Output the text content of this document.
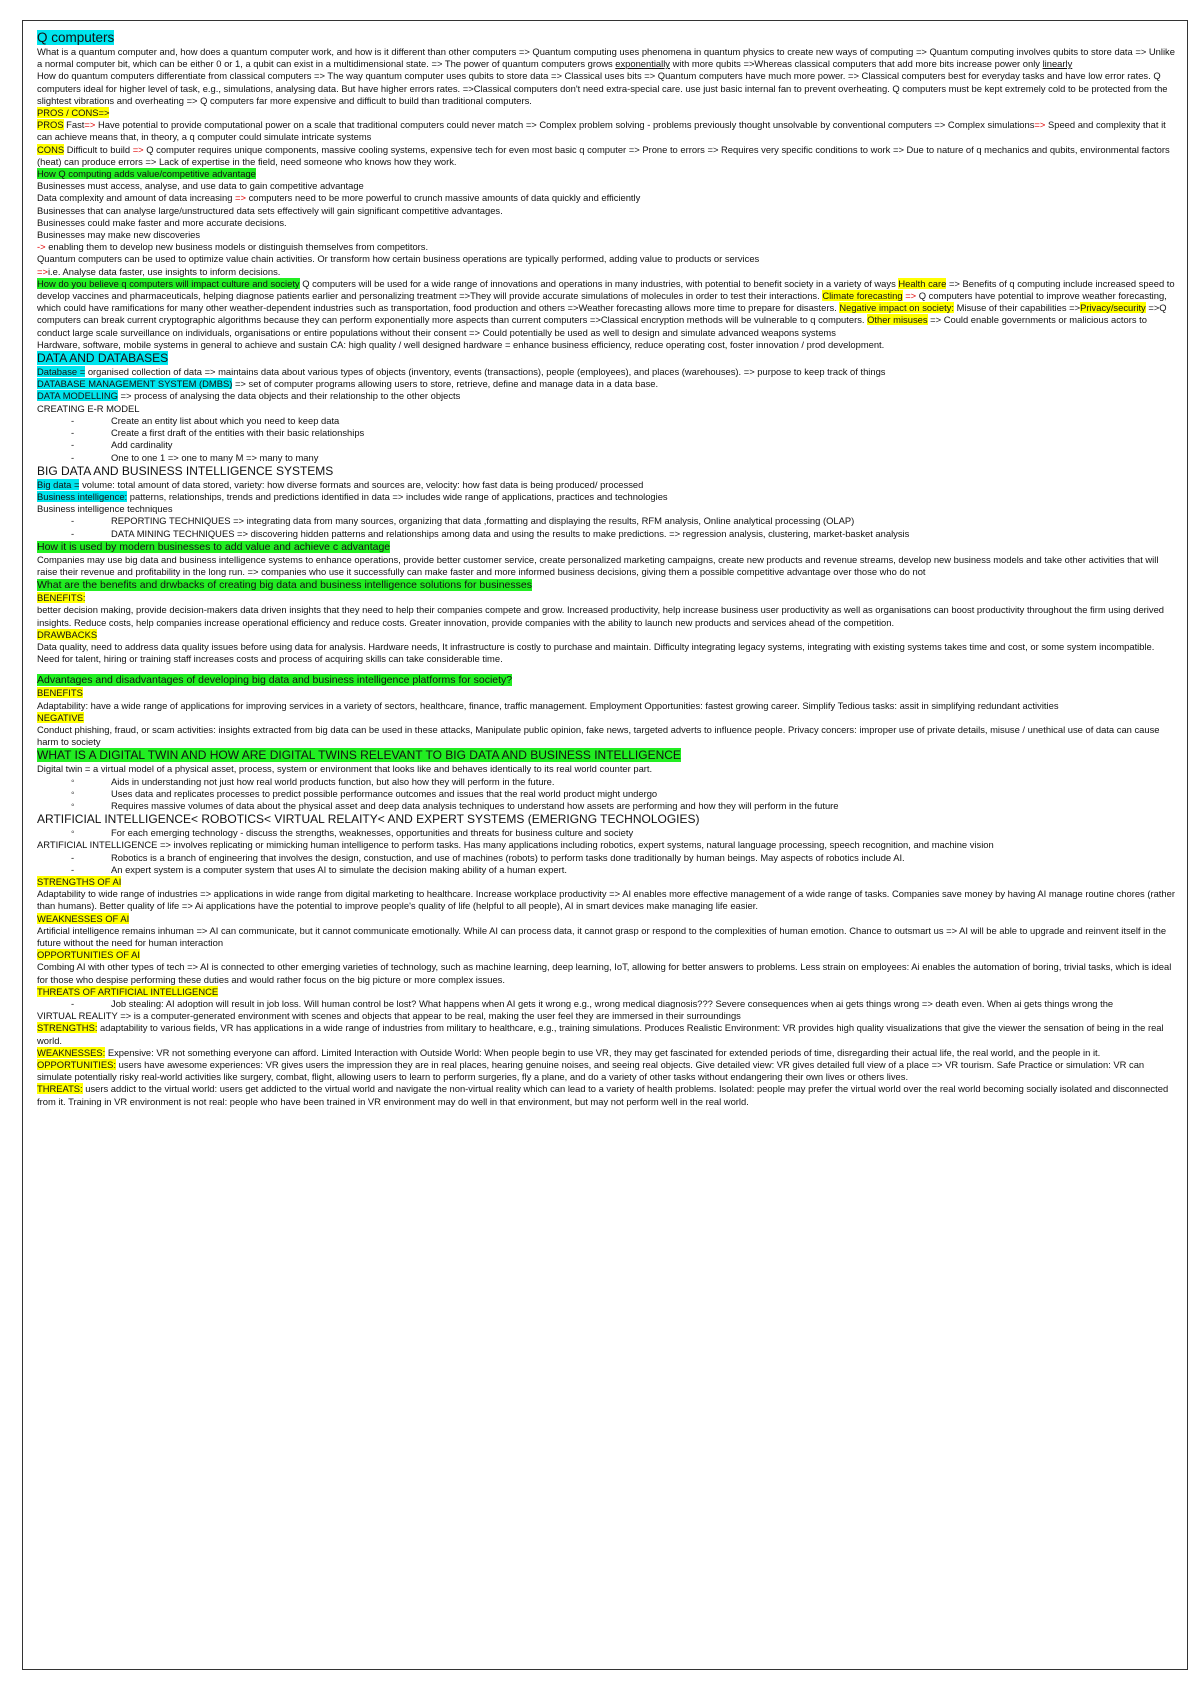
Q computers

What is a quantum computer and, how does a quantum computer work, and how is it different than other computers => Quantum computing uses phenomena in quantum physics to create new ways of computing => Quantum computing involves qubits to store data => Unlike a normal computer bit, which can be either 0 or 1, a qubit can exist in a multidimensional state. => The power of quantum computers grows exponentially with more qubits =>Whereas classical computers that add more bits increase power only linearly

How do quantum computers differentiate from classical computers => The way quantum computer uses qubits to store data => Classical uses bits => Quantum computers have much more power. => Classical computers best for everyday tasks and have low error rates. Q computers ideal for higher level of task, e.g., simulations, analysing data. But have higher errors rates. =>Classical computers don't need extra-special care. use just basic internal fan to prevent overheating. Q computers must be kept extremely cold to be protected from the slightest vibrations and overheating => Q computers far more expensive and difficult to build than traditional computers.

PROS / CONS=>

PROS Fast=> Have potential to provide computational power on a scale that traditional computers could never match => Complex problem solving - problems previously thought unsolvable by conventional computers => Complex simulations=> Speed and complexity that it can achieve means that, in theory, a q computer could simulate intricate systems

CONS Difficult to build => Q computer requires unique components, massive cooling systems, expensive tech for even most basic q computer => Prone to errors => Requires very specific conditions to work => Due to nature of q mechanics and qubits, environmental factors (heat) can produce errors => Lack of expertise in the field, need someone who knows how they work.

How Q computing adds value/competitive advantage

Businesses must access, analyse, and use data to gain competitive advantage

Data complexity and amount of data increasing => computers need to be more powerful to crunch massive amounts of data quickly and efficiently

Businesses that can analyse large/unstructured data sets effectively will gain significant competitive advantages.

Businesses could make faster and more accurate decisions.

Businesses may make new discoveries

-> enabling them to develop new business models or distinguish themselves from competitors.

Quantum computers can be used to optimize value chain activities. Or transform how certain business operations are typically performed, adding value to products or services

=>i.e. Analyse data faster, use insights to inform decisions.

How do you believe q computers will impact culture and society Q computers will be used for a wide range of innovations and operations in many industries, with potential to benefit society in a variety of ways Health care => Benefits of q computing include increased speed to develop vaccines and pharmaceuticals, helping diagnose patients earlier and personalizing treatment =>They will provide accurate simulations of molecules in order to test their interactions. Climate forecasting => Q computers have potential to improve weather forecasting, which could have ramifications for many other weather-dependent industries such as transportation, food production and others =>Weather forecasting allows more time to prepare for disasters. Negative impact on society: Misuse of their capabilities =>Privacy/security =>Q computers can break current cryptographic algorithms because they can perform exponentially more aspects than current computers =>Classical encryption methods will be vulnerable to q computers. Other misuses => Could enable governments or malicious actors to conduct large scale surveillance on individuals, organisations or entire populations without their consent => Could potentially be used as well to design and simulate advanced weapons systems

Hardware, software, mobile systems in general to achieve and sustain CA: high quality / well designed hardware = enhance business efficiency, reduce operating cost, foster innovation / prod development.

DATA AND DATABASES

Database = organised collection of data => maintains data about various types of objects (inventory, events (transactions), people (employees), and places (warehouses). => purpose to keep track of things

DATABASE MANAGEMENT SYSTEM (DMBS) => set of computer programs allowing users to store, retrieve, define and manage data in a data base.

DATA MODELLING => process of analysing the data objects and their relationship to the other objects

CREATING E-R MODEL

- Create an entity list about which you need to keep data
- Create a first draft of the entities with their basic relationships
- Add cardinality
- One to one 1 => one to many M => many to many

BIG DATA AND BUSINESS INTELLIGENCE SYSTEMS

Big data = volume: total amount of data stored, variety: how diverse formats and sources are, velocity: how fast data is being produced/ processed

Business intelligence: patterns, relationships, trends and predictions identified in data => includes wide range of applications, practices and technologies

Business intelligence techniques

- REPORTING TECHNIQUES => integrating data from many sources, organizing that data ,formatting and displaying the results, RFM analysis, Online analytical processing (OLAP)
- DATA MINING TECHNIQUES => discovering hidden patterns and relationships among data and using the results to make predictions. => regression analysis, clustering, market-basket analysis

How it is used by modern businesses to add value and achieve c advantage

Companies may use big data and business intelligence systems to enhance operations, provide better customer service, create personalized marketing campaigns, create new products and revenue streams, develop new business models and take other activities that will raise their revenue and profitability in the long run. => companies who use it successfully can make faster and more informed business decisions, giving them a possible competitive advantage over those who do not

What are the benefits and drwbacks of creating big data and business intelligence solutions for businesses

BENEFITS:

better decision making, provide decision-makers data driven insights that they need to help their companies compete and grow. Increased productivity, help increase business user productivity as well as organisations can boost productivity throughout the firm using derived insights. Reduce costs, help companies increase operational efficiency and reduce costs. Greater innovation, provide companies with the ability to launch new products and services ahead of the competition.

DRAWBACKS

Data quality, need to address data quality issues before using data for analysis. Hardware needs, It infrastructure is costly to purchase and maintain. Difficulty integrating legacy systems, integrating with existing systems takes time and cost, or some system incompatible. Need for talent, hiring or training staff increases costs and process of acquiring skills can take considerable time.

Advantages and disadvantages of developing big data and business intelligence platforms for society?

BENEFITS

Adaptability: have a wide range of applications for improving services in a variety of sectors, healthcare, finance, traffic management. Employment Opportunities: fastest growing career. Simplify Tedious tasks: assit in simplifying redundant activities

NEGATIVE

Conduct phishing, fraud, or scam activities: insights extracted from big data can be used in these attacks, Manipulate public opinion, fake news, targeted adverts to influence people. Privacy concers: improper use of private details, misuse / unethical use of data can cause harm to society

WHAT IS A DIGITAL TWIN AND HOW ARE DIGITAL TWINS RELEVANT TO BIG DATA AND BUSINESS INTELLIGENCE

Digital twin = a virtual model of a physical asset, process, system or environment that looks like and behaves identically to its real world counter part.

◦ Aids in understanding not just how real world products function, but also how they will perform in the future.
◦ Uses data and replicates processes to predict possible performance outcomes and issues that the real world product might undergo
◦ Requires massive volumes of data about the physical asset and deep data analysis techniques to understand how assets are performing and how they will perform in the future

ARTIFICIAL INTELLIGENCE< ROBOTICS< VIRTUAL RELAITY< AND EXPERT SYSTEMS (EMERIGNG TECHNOLOGIES)

◦ For each emerging technology - discuss the strengths, weaknesses, opportunities and threats for business culture and society

ARTIFICIAL INTELLIGENCE => involves replicating or mimicking human intelligence to perform tasks. Has many applications including robotics, expert systems, natural language processing, speech recognition, and machine vision

- Robotics is a branch of engineering that involves the design, constuction, and use of machines (robots) to perform tasks done traditionally by human beings. May aspects of robotics include AI.
- An expert system is a computer system that uses AI to simulate the decision making ability of a human expert.

STRENGTHS OF AI

Adaptability to wide range of industries => applications in wide range from digital marketing to healthcare. Increase workplace productivity => AI enables more effective management of a wide range of tasks. Companies save money by having AI manage routine chores (rather than humans). Better quality of life => Ai applications have the potential to improve people's quality of life (helpful to all people), AI in smart devices make managing life easier.

WEAKNESSES OF AI

Artificial intelligence remains inhuman => AI can communicate, but it cannot communicate emotionally. While AI can process data, it cannot grasp or respond to the complexities of human emotion. Chance to outsmart us => AI will be able to upgrade and reinvent itself in the future without the need for human interaction

OPPORTUNITIES OF AI

Combing AI with other types of tech => AI is connected to other emerging varieties of technology, such as machine learning, deep learning, IoT, allowing for better answers to problems. Less strain on employees: Ai enables the automation of boring, trivial tasks, which is ideal for those who despise performing these duties and would rather focus on the big picture or more complex issues.

THREATS OF ARTIFICIAL INTELLIGENCE

- Job stealing: AI adoption will result in job loss. Will human control be lost? What happens when AI gets it wrong e.g., wrong medical diagnosis??? Severe consequences when ai gets things wrong => death even. When ai gets things wrong the

VIRTUAL REALITY => is a computer-generated environment with scenes and objects that appear to be real, making the user feel they are immersed in their surroundings

STRENGTHS: adaptability to various fields, VR has applications in a wide range of industries from military to healthcare, e.g., training simulations. Produces Realistic Environment: VR provides high quality visualizations that give the viewer the sensation of being in the real world.

WEAKNESSES: Expensive: VR not something everyone can afford. Limited Interaction with Outside World: When people begin to use VR, they may get fascinated for extended periods of time, disregarding their actual life, the real world, and the people in it.

OPPORTUNITIES: users have awesome experiences: VR gives users the impression they are in real places, hearing genuine noises, and seeing real objects. Give detailed view: VR gives detailed full view of a place => VR tourism. Safe Practice or simulation: VR can simulate potentially risky real-world activities like surgery, combat, flight, allowing users to learn to perform surgeries, fly a plane, and do a variety of other tasks without endangering their own lives or others lives.

THREATS: users addict to the virtual world: users get addicted to the virtual world and navigate the non-virtual reality which can lead to a variety of health problems. Isolated: people may prefer the virtual world over the real world becoming socially isolated and disconnected from it. Training in VR environment is not real: people who have been trained in VR environment may do well in that environment, but may not perform well in the real world.
